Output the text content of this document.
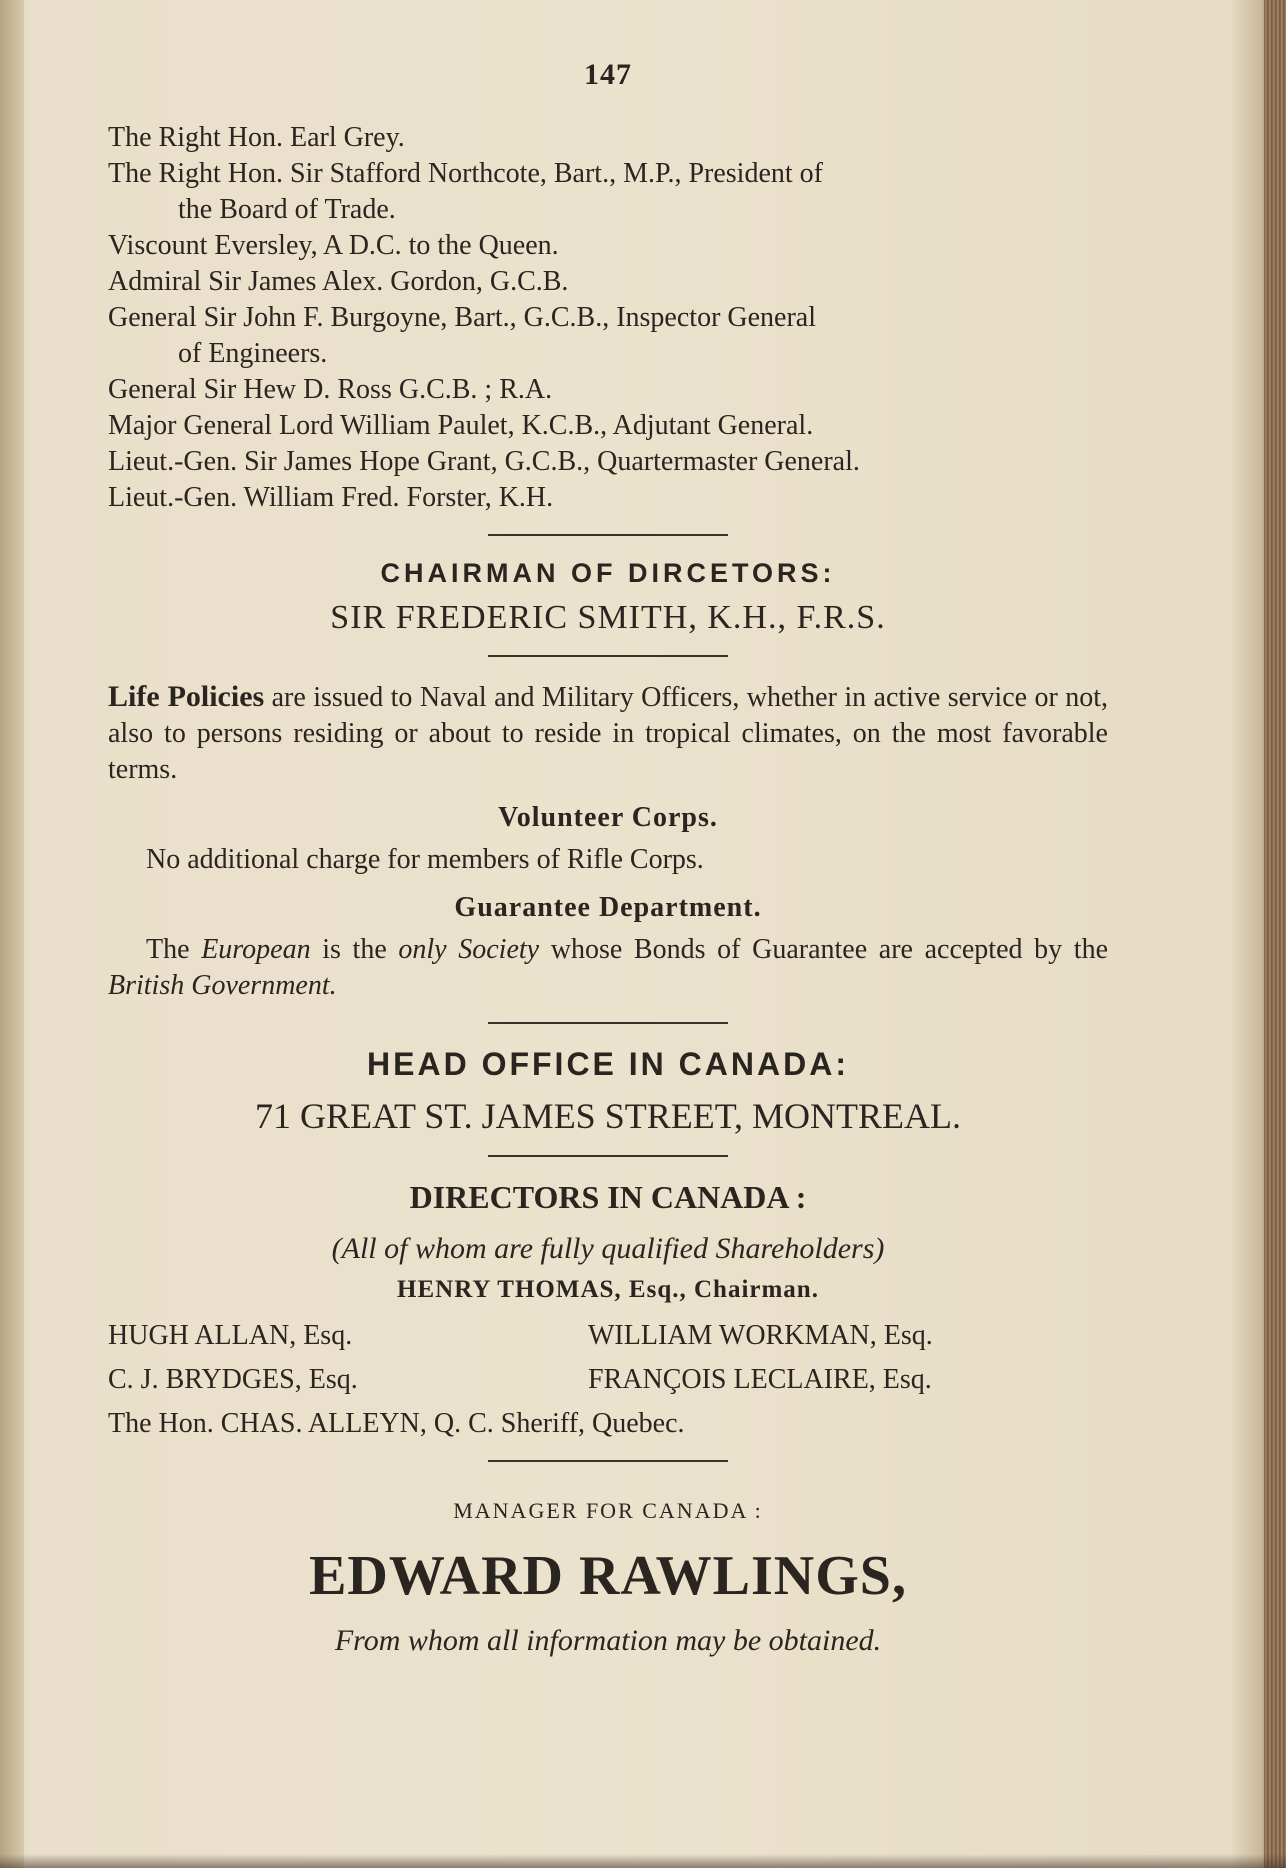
147
The Right Hon. Earl Grey.
The Right Hon. Sir Stafford Northcote, Bart., M.P., President of
the Board of Trade.
Viscount Eversley, A D.C. to the Queen.
Admiral Sir James Alex. Gordon, G.C.B.
General Sir John F. Burgoyne, Bart., G.C.B., Inspector General
of Engineers.
General Sir Hew D. Ross G.C.B. ; R.A.
Major General Lord William Paulet, K.C.B., Adjutant General.
Lieut.-Gen. Sir James Hope Grant, G.C.B., Quartermaster General.
Lieut.-Gen. William Fred. Forster, K.H.
CHAIRMAN OF DIRCETORS:
SIR FREDERIC SMITH, K.H., F.R.S.
Life Policies are issued to Naval and Military Officers, whether in active service or not, also to persons residing or about to reside in tropical climates, on the most favorable terms.
Volunteer Corps.
No additional charge for members of Rifle Corps.
Guarantee Department.
The European is the only Society whose Bonds of Guarantee are accepted by the British Government.
HEAD OFFICE IN CANADA:
71 GREAT ST. JAMES STREET, MONTREAL.
DIRECTORS IN CANADA :
(All of whom are fully qualified Shareholders)
HENRY THOMAS, Esq., Chairman.
HUGH ALLAN, Esq.	WILLIAM WORKMAN, Esq.
C. J. BRYDGES, Esq.	FRANÇOIS LECLAIRE, Esq.
The Hon. CHAS. ALLEYN, Q. C. Sheriff, Quebec.
MANAGER FOR CANADA :
EDWARD RAWLINGS,
From whom all information may be obtained.
